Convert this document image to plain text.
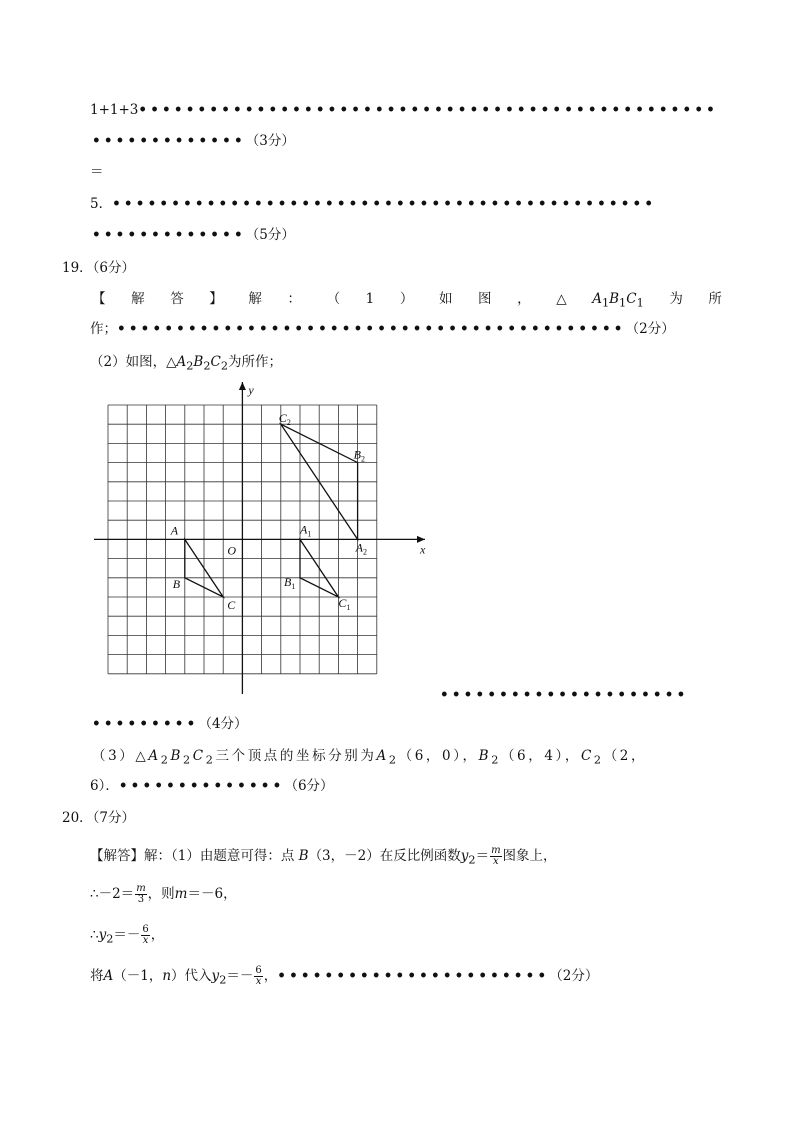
1+1+3•••••••••••••••••••••••••••••••••••••••••••••••••
•••••••••••••（3分）
＝
5．••••••••••••••••••••••••••••••••••••••••••••••
•••••••••••••（5分）
19．（6分）
【 解 答 】 解 ： （ 1 ） 如 图 ， △ $A_1B_1C_1$ 为 所
作；•••••••••••••••••••••••••••••••••••••••••••（2分）
（2）如图，$\triangle A_2B_2C_2$为所作；
A
B
C
$A_1$
$B_1$
$C_1$
$A_2$
$B_2$
$C_2$
O	x
y
•••••••••••••••••••••
•••••••••（4分）
$(3)\triangle A_2B_2C_2$三个顶点的坐标分别为$A_2(6$，0），$B_2(6$，4），$C_2(2$，
6）．••••••••••••••（6分）
20．（7分）
【解答】解：（1）由题意可得：点 B（3，－2）在反比例函数$y_2= \frac{m}{x}$ 图象上，
∴－2＝ $\frac{m}{3}$ ，则m＝－6，
$\therefore y_2=- \frac{6}{x}$ ，
将A（－1，n）代入$y_2=- \frac{6}{x}$ ，•••••••••••••••••••••••（2分）
